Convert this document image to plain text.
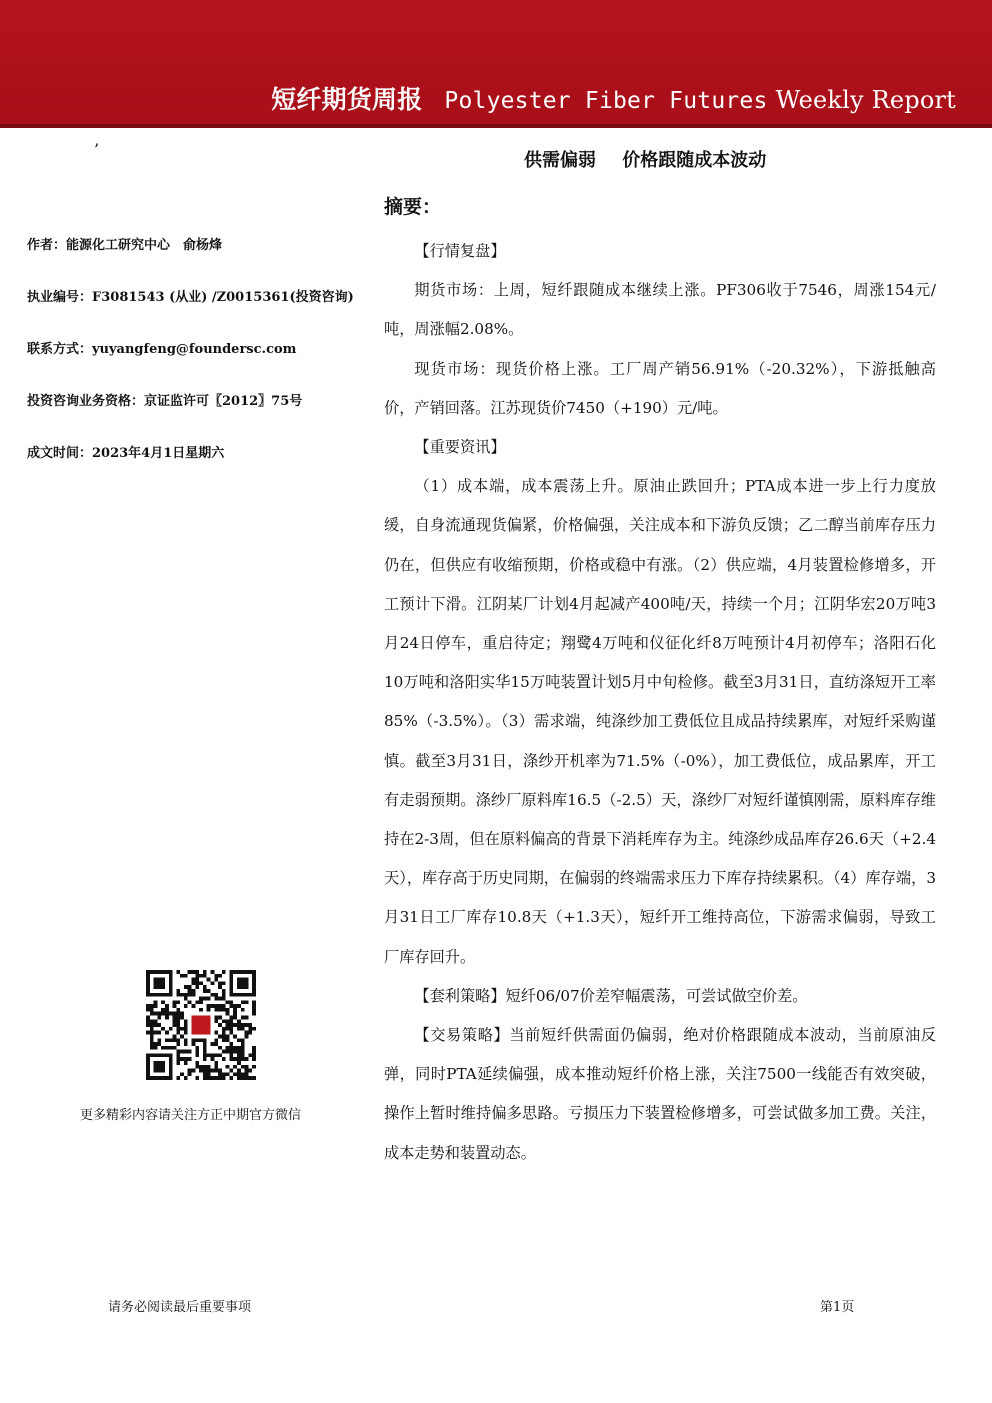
短纤期货周报 Polyester Fiber Futures Weekly Report
’
作者：能源化工研究中心　俞杨烽
执业编号：F3081543 (从业) /Z0015361(投资咨询)
联系方式：yuyangfeng@foundersc.com
投资咨询业务资格：京证监许可〖2012〗75号
成文时间：2023年4月1日星期六
更多精彩内容请关注方正中期官方微信
供需偏弱 价格跟随成本波动
摘要：

【行情复盘】

期货市场：上周，短纤跟随成本继续上涨。PF306收于7546，周涨154元/吨，周涨幅2.08%。

现货市场：现货价格上涨。工厂周产销56.91%（-20.32%），下游抵触高价，产销回落。江苏现货价7450（+190）元/吨。

【重要资讯】

（1）成本端，成本震荡上升。原油止跌回升；PTA成本进一步上行力度放缓，自身流通现货偏紧，价格偏强，关注成本和下游负反馈；乙二醇当前库存压力仍在，但供应有收缩预期，价格或稳中有涨。（2）供应端，4月装置检修增多，开工预计下滑。江阴某厂计划4月起减产400吨/天，持续一个月；江阴华宏20万吨3月24日停车，重启待定；翔鹭4万吨和仪征化纤8万吨预计4月初停车；洛阳石化10万吨和洛阳实华15万吨装置计划5月中旬检修。截至3月31日，直纺涤短开工率85%（-3.5%）。（3）需求端，纯涤纱加工费低位且成品持续累库，对短纤采购谨慎。截至3月31日，涤纱开机率为71.5%（-0%），加工费低位，成品累库，开工有走弱预期。涤纱厂原料库16.5（-2.5）天，涤纱厂对短纤谨慎刚需，原料库存维持在2-3周，但在原料偏高的背景下消耗库存为主。纯涤纱成品库存26.6天（+2.4天），库存高于历史同期，在偏弱的终端需求压力下库存持续累积。（4）库存端，3月31日工厂库存10.8天（+1.3天），短纤开工维持高位，下游需求偏弱，导致工厂库存回升。

【套利策略】短纤06/07价差窄幅震荡，可尝试做空价差。

【交易策略】当前短纤供需面仍偏弱，绝对价格跟随成本波动，当前原油反弹，同时PTA延续偏强，成本推动短纤价格上涨，关注7500一线能否有效突破，操作上暂时维持偏多思路。亏损压力下装置检修增多，可尝试做多加工费。关注，成本走势和装置动态。

请务必阅读最后重要事项	第1页
